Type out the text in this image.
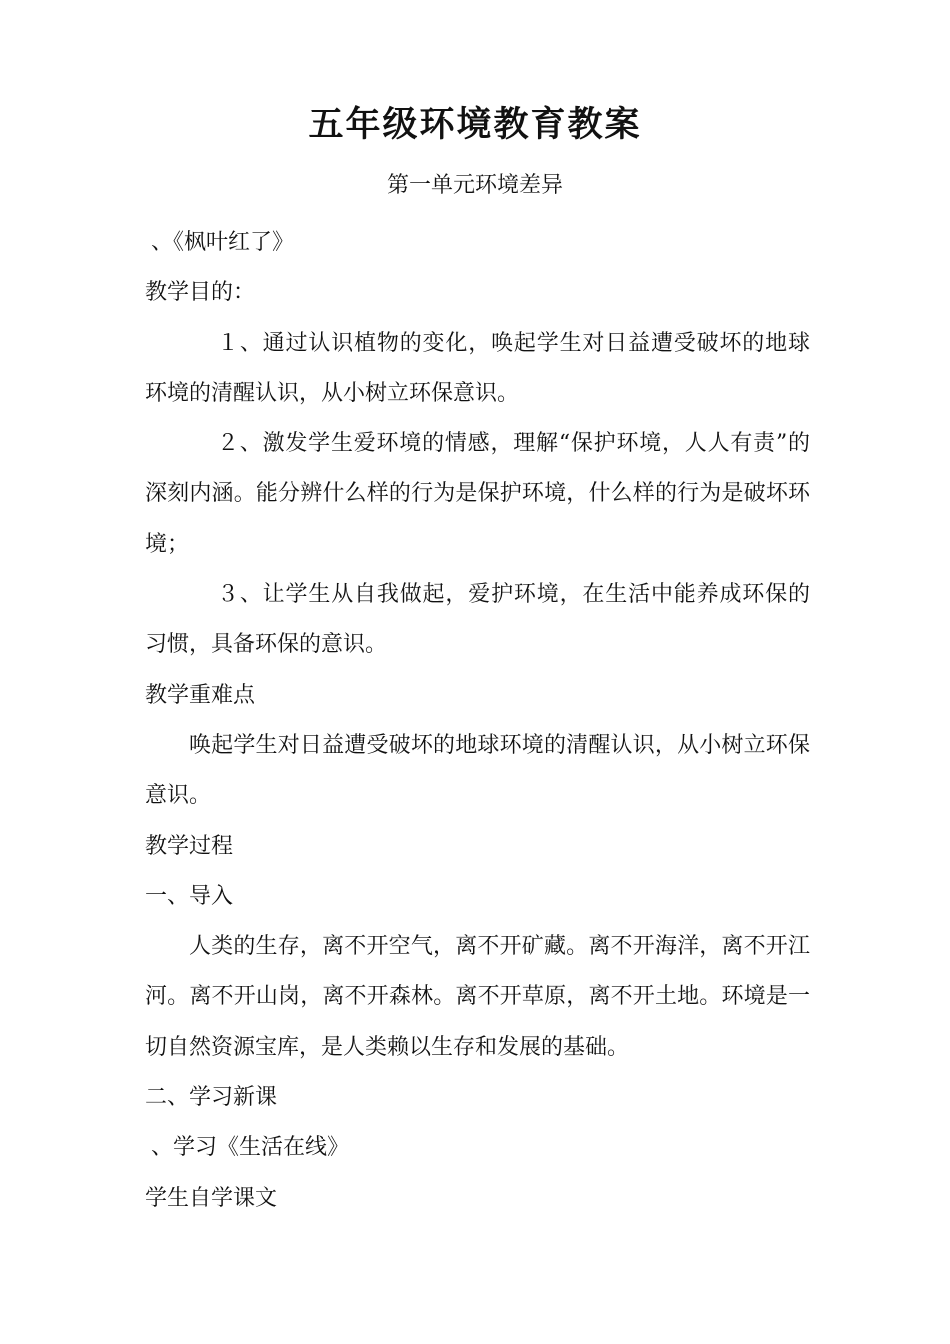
五年级环境教育教案

第一单元环境差异

、《枫叶红了》

教学目的：

１、通过认识植物的变化，唤起学生对日益遭受破坏的地球环境的清醒认识，从小树立环保意识。

２、激发学生爱环境的情感，理解“保护环境，人人有责”的深刻内涵。能分辨什么样的行为是保护环境，什么样的行为是破坏环境；

３、让学生从自我做起，爱护环境，在生活中能养成环保的习惯，具备环保的意识。

教学重难点

唤起学生对日益遭受破坏的地球环境的清醒认识，从小树立环保意识。

教学过程

一、导入

人类的生存，离不开空气，离不开矿藏。离不开海洋，离不开江河。离不开山岗，离不开森林。离不开草原，离不开土地。环境是一切自然资源宝库，是人类赖以生存和发展的基础。

二、学习新课

、学习《生活在线》

学生自学课文
